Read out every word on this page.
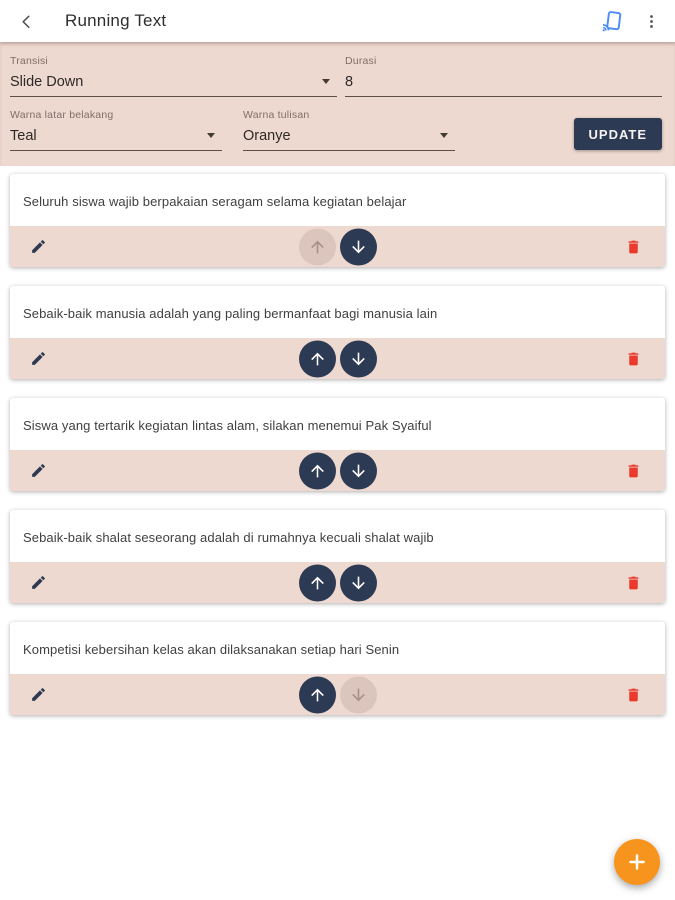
Running Text
Transisi
Slide Down
Durasi
8
Warna latar belakang
Teal
Warna tulisan
Oranye	UPDATE
Seluruh siswa wajib berpakaian seragam selama kegiatan belajar
Sebaik-baik manusia adalah yang paling bermanfaat bagi manusia lain
Siswa yang tertarik kegiatan lintas alam, silakan menemui Pak Syaiful
Sebaik-baik shalat seseorang adalah di rumahnya kecuali shalat wajib
Kompetisi kebersihan kelas akan dilaksanakan setiap hari Senin
